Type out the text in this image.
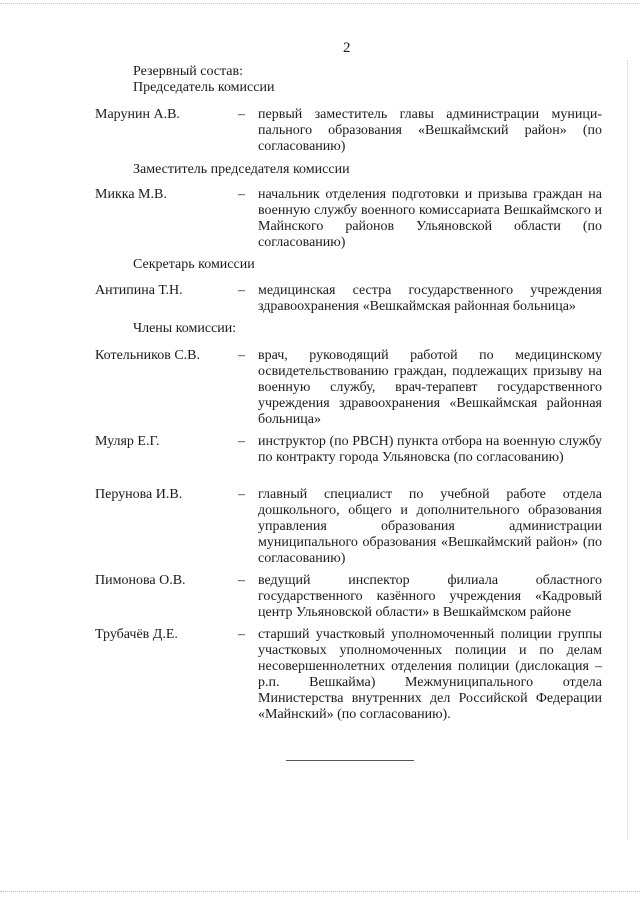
2
Резервный состав:
Председатель комиссии
Марунин А.В.	– первый заместитель главы администрации муници-пального образования «Вешкаймский район» (по согласованию)
Заместитель председателя комиссии
Микка М.В.	– начальник отделения подготовки и призыва граждан на военную службу военного комиссариата Вешкаймского и Майнского районов Ульяновской области (по согласованию)
Секретарь комиссии
Антипина Т.Н.	– медицинская сестра государственного учреждения здравоохранения «Вешкаймская районная больница»
Члены комиссии:
Котельников С.В.	– врач, руководящий работой по медицинскому освидетельствованию граждан, подлежащих призыву на военную службу, врач-терапевт государственного учреждения здравоохранения «Вешкаймская районная больница»
Муляр Е.Г.	– инструктор (по РВСН) пункта отбора на военную службу по контракту города Ульяновска (по согласованию)
Перунова И.В.	– главный специалист по учебной работе отдела дошкольного, общего и дополнительного образования управления образования администрации муниципального образования «Вешкаймский район» (по согласованию)
Пимонова О.В.	– ведущий инспектор филиала областного государственного казённого учреждения «Кадровый центр Ульяновской области» в Вешкаймском районе
Трубачёв Д.Е.	– старший участковый уполномоченный полиции группы участковых уполномоченных полиции и по делам несовершеннолетних отделения полиции (дислокация – р.п. Вешкайма) Межмуниципального отдела Министерства внутренних дел Российской Федерации «Майнский» (по согласованию).
